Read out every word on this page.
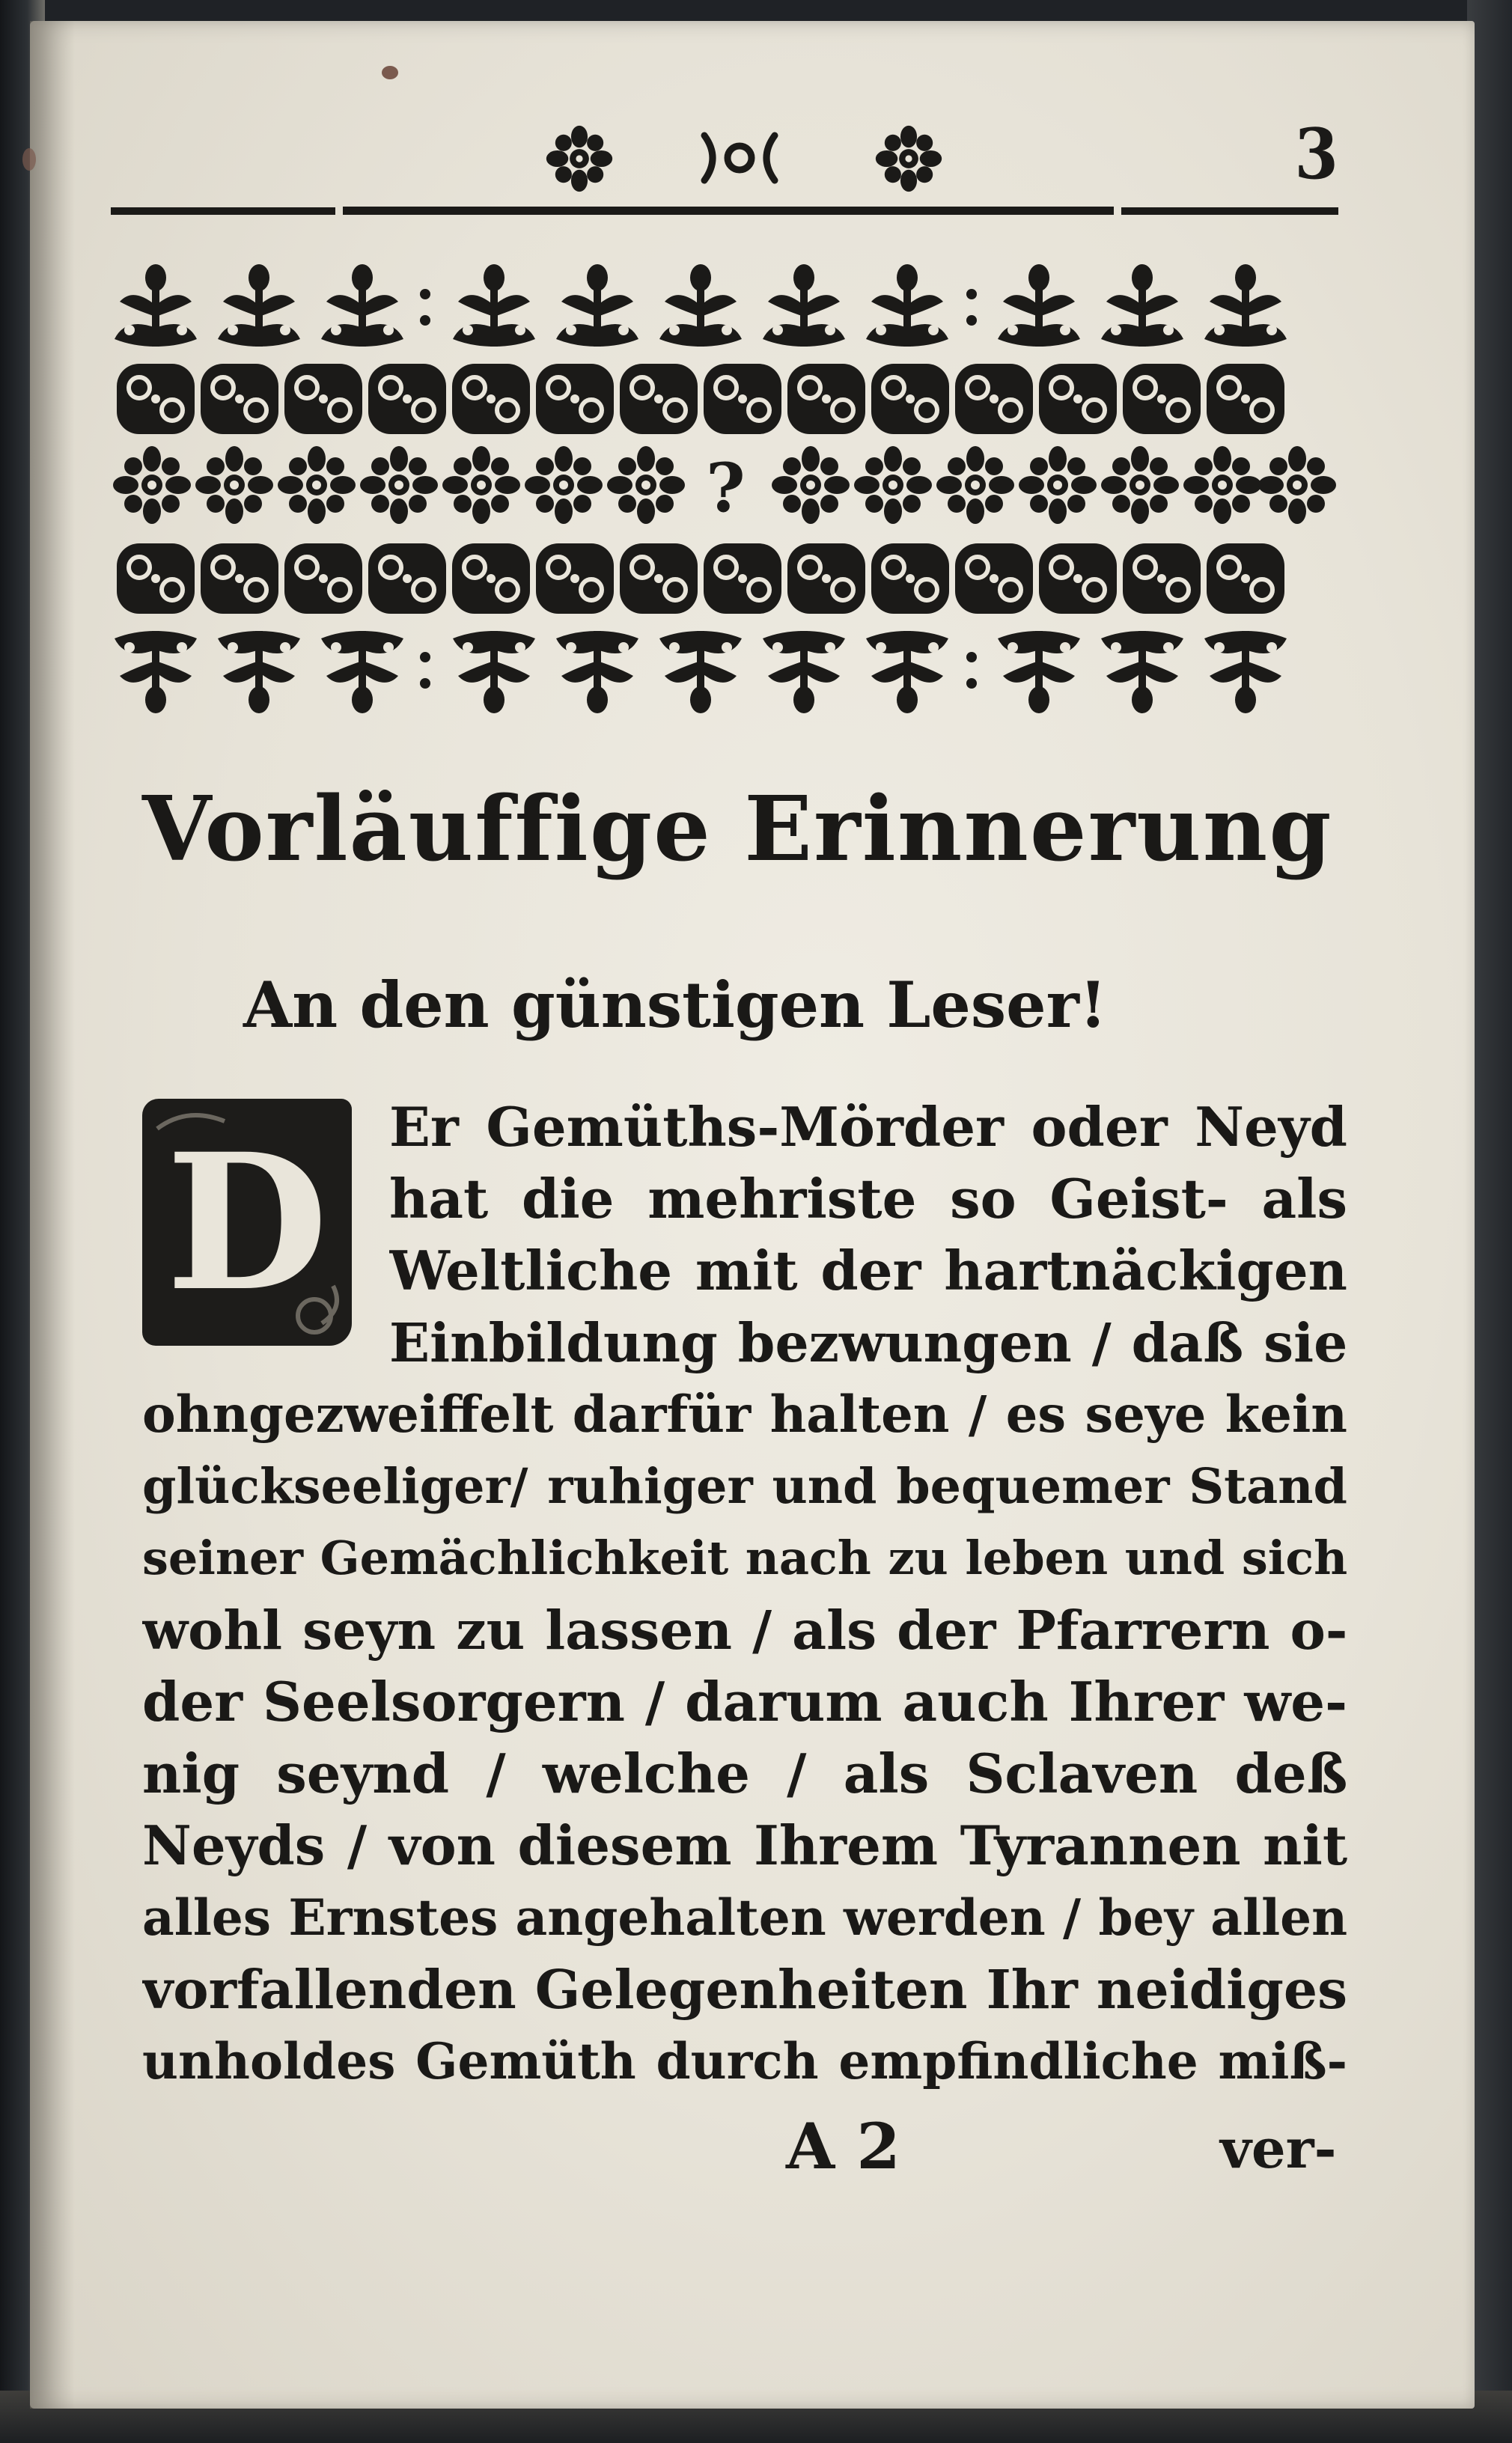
3
?
Vorläuffige Erinnerung
An den günstigen Leser!
D	Er Gemüths-Mörder oder Neyd
hat die mehriste so Geist- als
Weltliche mit der hartnäckigen
Einbildung bezwungen / daß sie
ohngezweiffelt darfür halten / es seye kein
glückseeliger/ ruhiger und bequemer Stand
seiner Gemächlichkeit nach zu leben und sich
wohl seyn zu lassen / als der Pfarrern o-
der Seelsorgern / darum auch Ihrer we-
nig seynd / welche / als Sclaven deß
Neyds / von diesem Ihrem Tyrannen nit
alles Ernstes angehalten werden / bey allen
vorfallenden Gelegenheiten Ihr neidiges
unholdes Gemüth durch empfindliche miß-
A 2	ver-
